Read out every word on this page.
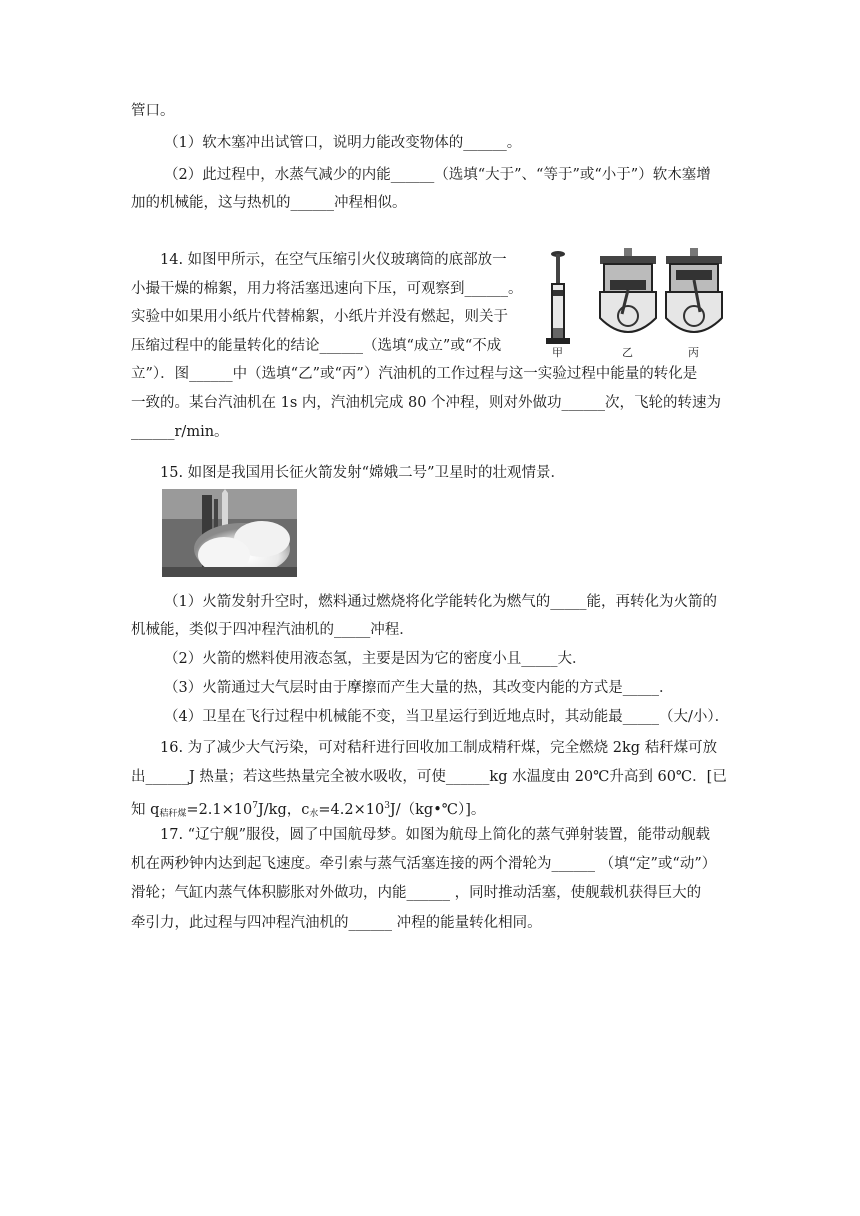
管口。
（1）软木塞冲出试管口，说明力能改变物体的______。
（2）此过程中，水蒸气减少的内能______（选填“大于”、“等于”或“小于”）软木塞增
加的机械能，这与热机的______冲程相似。
14. 如图甲所示，在空气压缩引火仪玻璃筒的底部放一
小撮干燥的棉絮，用力将活塞迅速向下压，可观察到______。
实验中如果用小纸片代替棉絮，小纸片并没有燃起，则关于
压缩过程中的能量转化的结论______（选填“成立”或“不成
立”）．图______中（选填“乙”或“丙”）汽油机的工作过程与这一实验过程中能量的转化是
一致的。某台汽油机在 1s 内，汽油机完成 80 个冲程，则对外做功______次，飞轮的转速为
______r/min。
甲	乙	丙
15. 如图是我国用长征火箭发射“嫦娥二号”卫星时的壮观情景．
（1）火箭发射升空时，燃料通过燃烧将化学能转化为燃气的_____能，再转化为火箭的
机械能，类似于四冲程汽油机的_____冲程．
（2）火箭的燃料使用液态氢，主要是因为它的密度小且_____大．
（3）火箭通过大气层时由于摩擦而产生大量的热，其改变内能的方式是_____．
（4）卫星在飞行过程中机械能不变，当卫星运行到近地点时，其动能最_____（大/小）．
16. 为了减少大气污染，可对秸秆进行回收加工制成精秆煤，完全燃烧 2kg 秸秆煤可放
出______J 热量；若这些热量完全被水吸收，可使______kg 水温度由 20℃升高到 60℃．[已
知 $q_{秸秆煤}=2.1\times 10^7J/kg$，$c_水=4.2\times 10^3J/(kg•℃)$]。
17. “辽宁舰”服役，圆了中国航母梦。如图为航母上简化的蒸气弹射装置，能带动舰载
机在两秒钟内达到起飞速度。牵引索与蒸气活塞连接的两个滑轮为______ （填“定”或“动”）
滑轮；气缸内蒸气体积膨胀对外做功，内能______ ，同时推动活塞，使舰载机获得巨大的
牵引力，此过程与四冲程汽油机的______ 冲程的能量转化相同。
